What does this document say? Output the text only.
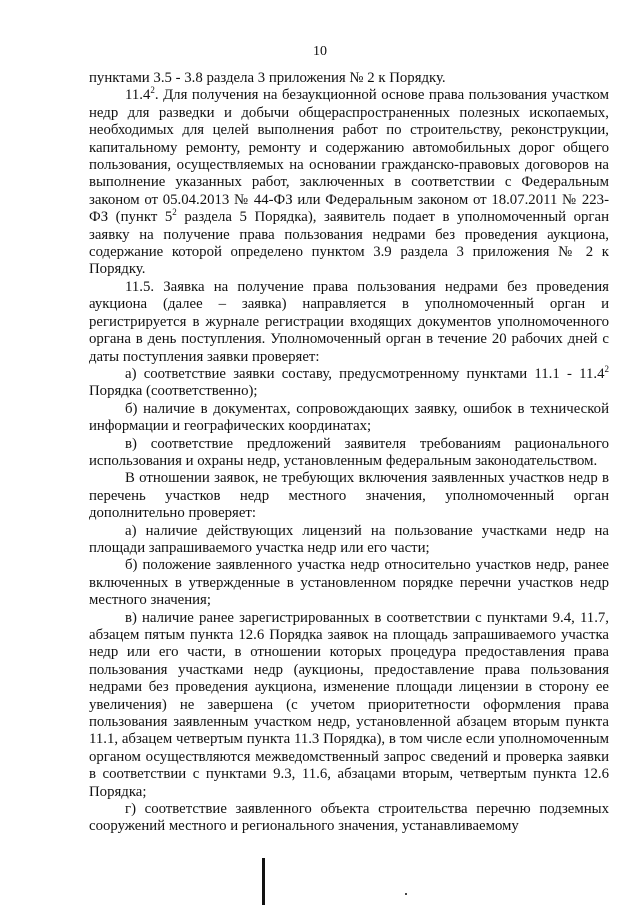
10

пунктами 3.5 - 3.8 раздела 3 приложения № 2 к Порядку.

11.4$^2$. Для получения на безаукционной основе права пользования участком недр для разведки и добычи общераспространенных полезных ископаемых, необходимых для целей выполнения работ по строительству, реконструкции, капитальному ремонту, ремонту и содержанию автомобильных дорог общего пользования, осуществляемых на основании гражданско-правовых договоров на выполнение указанных работ, заключенных в соответствии с Федеральным законом от 05.04.2013 № 44-ФЗ или Федеральным законом от 18.07.2011 № 223-ФЗ (пункт $5^2$ раздела 5 Порядка), заявитель подает в уполномоченный орган заявку на получение права пользования недрами без проведения аукциона, содержание которой определено пунктом 3.9 раздела 3 приложения № 2 к Порядку.

11.5. Заявка на получение права пользования недрами без проведения аукциона (далее – заявка) направляется в уполномоченный орган и регистрируется в журнале регистрации входящих документов уполномоченного органа в день поступления. Уполномоченный орган в течение 20 рабочих дней с даты поступления заявки проверяет:

а) соответствие заявки составу, предусмотренному пунктами 11.1 - 11.4$^2$ Порядка (соответственно);

б) наличие в документах, сопровождающих заявку, ошибок в технической информации и географических координатах;

в) соответствие предложений заявителя требованиям рационального использования и охраны недр, установленным федеральным законодательством.

В отношении заявок, не требующих включения заявленных участков недр в перечень участков недр местного значения, уполномоченный орган дополнительно проверяет:

а) наличие действующих лицензий на пользование участками недр на площади запрашиваемого участка недр или его части;

б) положение заявленного участка недр относительно участков недр, ранее включенных в утвержденные в установленном порядке перечни участков недр местного значения;

в) наличие ранее зарегистрированных в соответствии с пунктами 9.4, 11.7, абзацем пятым пункта 12.6 Порядка заявок на площадь запрашиваемого участка недр или его части, в отношении которых процедура предоставления права пользования участками недр (аукционы, предоставление права пользования недрами без проведения аукциона, изменение площади лицензии в сторону ее увеличения) не завершена (с учетом приоритетности оформления права пользования заявленным участком недр, установленной абзацем вторым пункта 11.1, абзацем четвертым пункта 11.3 Порядка), в том числе если уполномоченным органом осуществляются межведомственный запрос сведений и проверка заявки в соответствии с пунктами 9.3, 11.6, абзацами вторым, четвертым пункта 12.6 Порядка;

г) соответствие заявленного объекта строительства перечню подземных сооружений местного и регионального значения, устанавливаемому
